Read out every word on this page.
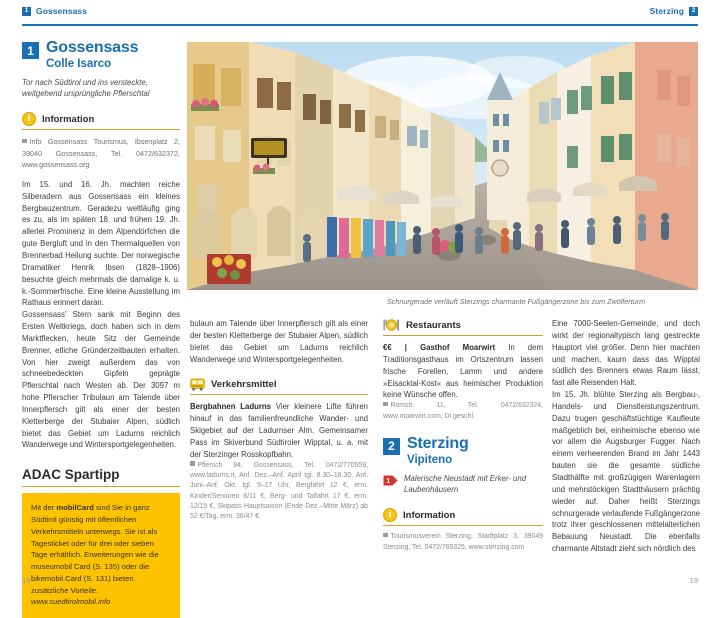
1 Gossensass	Sterzing	2
Schnurgerade verläuft Sterzings charmante Fußgängerzone bis zum Zwölferturm
1 Gossensass
Colle Isarco
Tor nach Südtirol und ins versteckte, weitgehend ursprüngliche Pflerschtal
i
Information
Info Gossensass Tourismus, Ibsenplatz 2, 39040 Gossensass, Tel. 0472/632372, www.gossensass.org

Im 15. und 16. Jh. machten reiche Silberadern aus Gossensass ein kleines Bergbauzentrum. Geradezu weltläufig ging es zu, als im späten 18. und frühen 19. Jh. allerlei Prominenz in dem Alpendörfchen die gute Bergluft und in den Thermalquellen von Brennerbad Heilung suchte. Der norwegische Dramatiker Henrik Ibsen (1828–1906) besuchte gleich mehrmals die damalige k. u. k.-Sommerfrische. Eine kleine Ausstellung im Rathaus erinnert daran.

Gossensass' Stern sank mit Beginn des Ersten Weltkriegs, doch haben sich in dem Marktflecken, heute Sitz der Gemeinde Brenner, etliche Gründerzeitbauten erhalten. Von hier zweigt außerdem das von schneebedeckten Gipfeln geprägte Pflerschtal nach Westen ab. Der 3097 m hohe Pflerscher Tribulaun am Talende über Innerpflersch gilt als einer der besten Kletterberge der Stubaier Alpen, südlich bietet das Gebiet um Ladurns reichlich Wanderwege und Wintersportgelegenheiten.

ADAC Spartipp
Mit der mobilCard sind Sie in ganz Südtirol günstig mit öffentlichen Verkehrsmitteln unterwegs. Sie ist als Tagesticket oder für drei oder sieben Tage erhältlich. Erweiterungen wie die museumobil Card (S. 135) oder die bikemobil Card (S. 131) bieten zusätzliche Vorteile. www.suedtirolmobil.info

bulaun am Talende über Innerpflersch gilt als einer der besten Kletterberge der Stubaier Alpen, südlich bietet das Gebiet um Ladurns reichlich Wanderwege und Wintersportgelegenheiten.

Verkehrsmittel

Bergbahnen Ladurns Vier kleinere Lifte führen hinauf in das familienfreundliche Wander- und Skigebiet auf der Ladurnser Alm. Gemeinsamer Pass im Skiverbund Südtiroler Wipptal, u. a. mit der Sterzinger Rosskopfbahn.

Pflersch 94, Gossensass, Tel. 0472/770559, www.ladurns.it, Anf. Dez.–Anf. April tgl. 8.30–16.30, Anf. Juni–Anf. Okt. tgl. 9–17 Uhr, Bergfahrt 12 €, erm. Kinder/Senioren 8/11 €, Berg- und Talfahrt 17 €, erm. 12/15 €, Skipass Hauptsaison (Ende Dez.–Mitte März) ab 52 €/Tag, erm. 36/47 €.

Restaurants

€€ | Gasthof Moarwirt In dem Traditionsgasthaus im Ortszentrum lassen frische Forellen, Lamm und andere »Eisacktal-Kost« aus heimischer Produktion keine Wünsche offen.

Romstr. 11, Tel. 0472/632324, www.moarwirt.com, Di geschl.

2 Sterzing
Vipiteno
1 Malerische Neustadt mit Erker- und Laubenhäusern
i
Information
Tourismusverein Sterzing, Stadtplatz 3, 39049 Sterzing, Tel. 0472/765325, www.sterzing.com

Eine 7000-Seelen-Gemeinde, und doch wirkt der regionaltypisch lang gestreckte Hauptort viel größer. Denn hier machten und machen, kaum dass das Wipptal südlich des Brenners etwas Raum lässt, fast alle Reisenden Halt.

Im 15. Jh. blühte Sterzing als Bergbau-, Handels- und Dienstleistungszentrum. Dazu trugen geschäftstüchtige Kaufleute maßgeblich bei, einheimische ebenso wie vor allem die Augsburger Fugger. Nach einem verheerenden Brand im Jahr 1443 bauten sie die gesamte südliche Stadthälfte mit großzügigen Warenlagern und mehrstöckigen Stadthäusern prächtig wieder auf. Daher heißt Sterzings schnurgerade verlaufende Fußgängerzone trotz ihrer geschlossenen mittelalterlichen Bebauung Neustadt. Die ebenfalls charmante Altstadt zieht sich nördlich des

18	19
